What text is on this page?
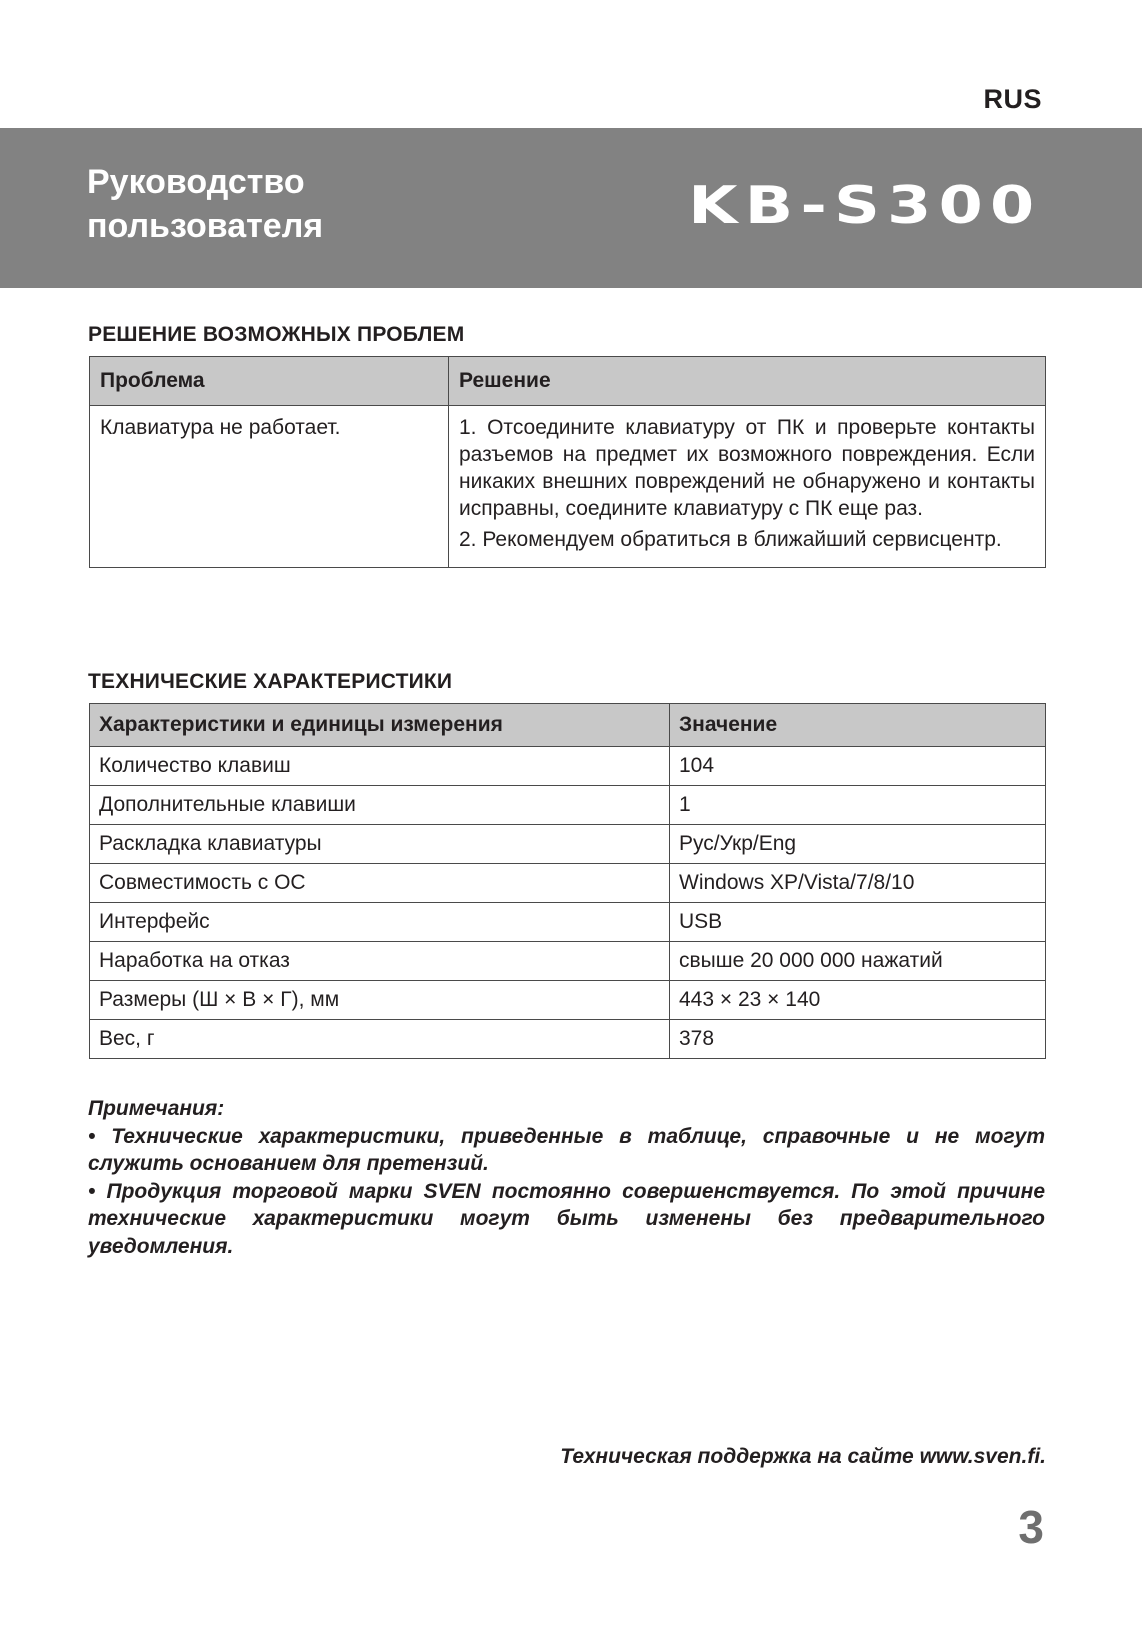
RUS
Руководство
пользователя	KB-S300
РЕШЕНИЕ ВОЗМОЖНЫХ ПРОБЛЕМ
Проблема	Решение
Клавиатура не работает.	1. Отсоедините клавиатуру от ПК и проверьте контакты разъемов на предмет их возможного повреждения. Если никаких внешних повреждений не обнаружено и контакты исправны, соедините клавиатуру с ПК еще раз.

2. Рекомендуем обратиться в ближайший сервисцентр.

ТЕХНИЧЕСКИЕ ХАРАКТЕРИСТИКИ
Характеристики и единицы измерения	Значение
Количество клавиш	104
Дополнительные клавиши	1
Раскладка клавиатуры	Рус/Укр/Eng
Совместимость с ОС	Windows XP/Vista/7/8/10
Интерфейс	USB
Наработка на отказ	свыше 20 000 000 нажатий
Размеры (Ш × В × Г), мм	443 × 23 × 140
Вес, г	378

Примечания:

• Технические характеристики, приведенные в таблице, справочные и не могут служить основанием для претензий.

• Продукция торговой марки SVEN постоянно совершенствуется. По этой причине технические характеристики могут быть изменены без предварительного уведомления.

Техническая поддержка на сайте www.sven.fi.
3
